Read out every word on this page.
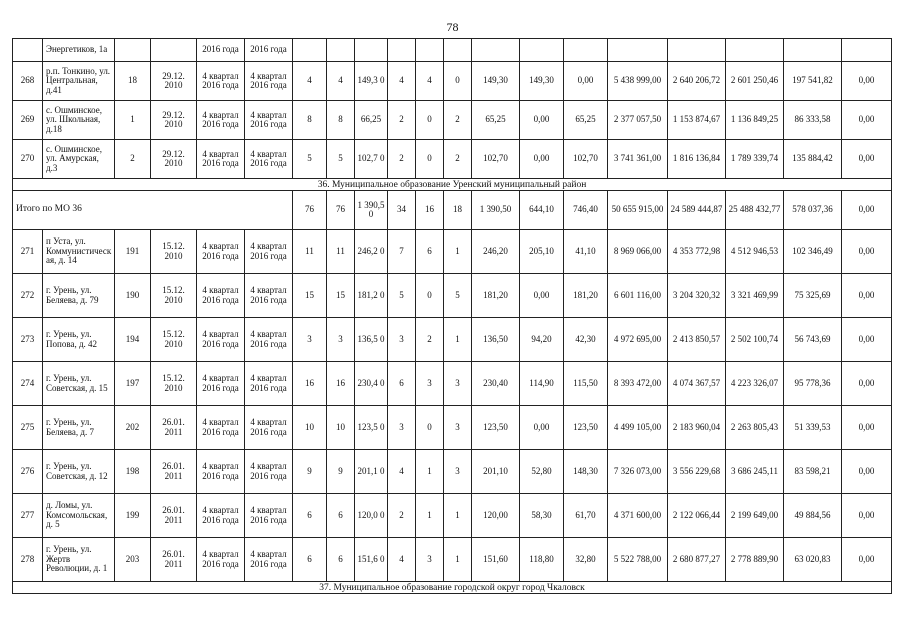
78
	Энергетиков, 1а			2016 года	2016 года														
268	р.п. Тонкино, ул. Центральная, д.41	18	29.12. 2010	4 квартал 2016 года	4 квартал 2016 года	4	4	149,3 0	4	4	0	149,30	149,30	0,00	5 438 999,00	2 640 206,72	2 601 250,46	197 541,82	0,00
269	с. Ошминское, ул. Школьная, д.18	1	29.12. 2010	4 квартал 2016 года	4 квартал 2016 года	8	8	66,25	2	0	2	65,25	0,00	65,25	2 377 057,50	1 153 874,67	1 136 849,25	86 333,58	0,00
270	с. Ошминское, ул. Амурская, д.3	2	29.12. 2010	4 квартал 2016 года	4 квартал 2016 года	5	5	102,7 0	2	0	2	102,70	0,00	102,70	3 741 361,00	1 816 136,84	1 789 339,74	135 884,42	0,00
36. Муниципальное образование Уренский муниципальный район																			
Итого по МО 36						76	76	1 390,5 0	34	16	18	1 390,50	644,10	746,40	50 655 915,00	24 589 444,87	25 488 432,77	578 037,36	0,00
271	п Уста, ул. Коммунистическая, д. 14	191	15.12. 2010	4 квартал 2016 года	4 квартал 2016 года	11	11	246,2 0	7	6	1	246,20	205,10	41,10	8 969 066,00	4 353 772,98	4 512 946,53	102 346,49	0,00
272	г. Урень, ул. Беляева, д. 79	190	15.12. 2010	4 квартал 2016 года	4 квартал 2016 года	15	15	181,2 0	5	0	5	181,20	0,00	181,20	6 601 116,00	3 204 320,32	3 321 469,99	75 325,69	0,00
273	г. Урень, ул. Попова, д. 42	194	15.12. 2010	4 квартал 2016 года	4 квартал 2016 года	3	3	136,5 0	3	2	1	136,50	94,20	42,30	4 972 695,00	2 413 850,57	2 502 100,74	56 743,69	0,00
274	г. Урень, ул. Советская, д. 15	197	15.12. 2010	4 квартал 2016 года	4 квартал 2016 года	16	16	230,4 0	6	3	3	230,40	114,90	115,50	8 393 472,00	4 074 367,57	4 223 326,07	95 778,36	0,00
275	г. Урень, ул. Беляева, д. 7	202	26.01. 2011	4 квартал 2016 года	4 квартал 2016 года	10	10	123,5 0	3	0	3	123,50	0,00	123,50	4 499 105,00	2 183 960,04	2 263 805,43	51 339,53	0,00
276	г. Урень, ул. Советская, д. 12	198	26.01. 2011	4 квартал 2016 года	4 квартал 2016 года	9	9	201,1 0	4	1	3	201,10	52,80	148,30	7 326 073,00	3 556 229,68	3 686 245,11	83 598,21	0,00
277	д. Ломы, ул. Комсомольская, д. 5	199	26.01. 2011	4 квартал 2016 года	4 квартал 2016 года	6	6	120,0 0	2	1	1	120,00	58,30	61,70	4 371 600,00	2 122 066,44	2 199 649,00	49 884,56	0,00
278	г. Урень, ул. Жертв Революции, д. 1	203	26.01. 2011	4 квартал 2016 года	4 квартал 2016 года	6	6	151,6 0	4	3	1	151,60	118,80	32,80	5 522 788,00	2 680 877,27	2 778 889,90	63 020,83	0,00
37. Муниципальное образование городской округ город Чкаловск																			
